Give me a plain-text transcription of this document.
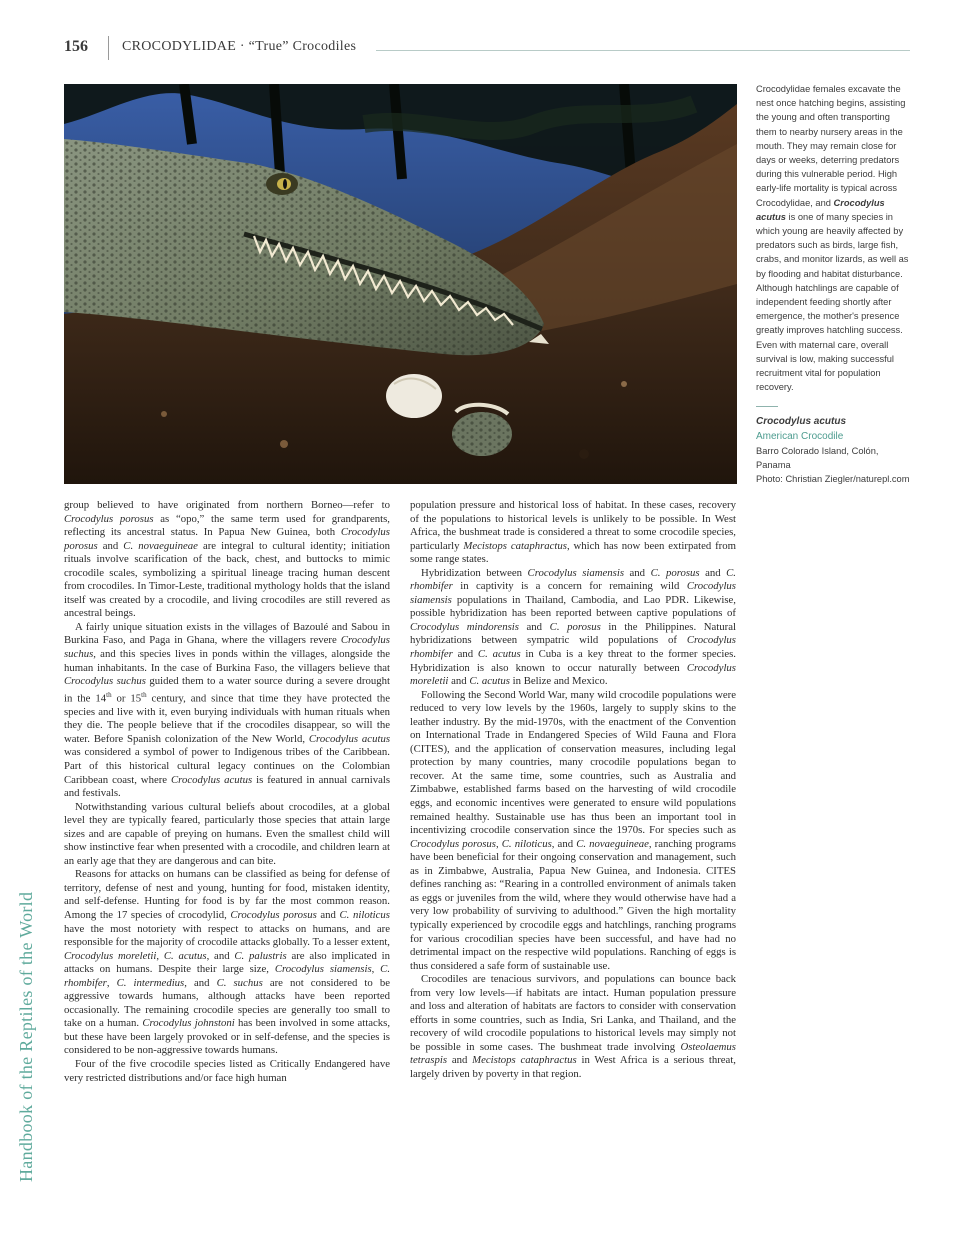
156 CROCODYLIDAE · “True” Crocodiles

Crocodylidae females excavate the nest once hatching begins, assisting the young and often transporting them to nearby nursery areas in the mouth. They may remain close for days or weeks, deterring predators during this vulnerable period. High early-life mortality is typical across Crocodylidae, and Crocodylus acutus is one of many species in which young are heavily affected by predators such as birds, large fish, crabs, and monitor lizards, as well as by flooding and habitat disturbance. Although hatchlings are capable of independent feeding shortly after emergence, the mother's presence greatly improves hatchling success. Even with maternal care, overall survival is low, making successful recruitment vital for population recovery.

Crocodylus acutus
American Crocodile
Barro Colorado Island, Colón, Panama
Photo: Christian Ziegler/naturepl.com

group believed to have originated from northern Borneo—refer to Crocodylus porosus as “opo,” the same term used for grandparents, reflecting its ancestral status. In Papua New Guinea, both Crocodylus porosus and C. novaeguineae are integral to cultural identity; initiation rituals involve scarification of the back, chest, and buttocks to mimic crocodile scales, symbolizing a spiritual lineage tracing human descent from crocodiles. In Timor-Leste, traditional mythology holds that the island itself was created by a crocodile, and living crocodiles are still revered as ancestral beings.

A fairly unique situation exists in the villages of Bazoulé and Sabou in Burkina Faso, and Paga in Ghana, where the villagers revere Crocodylus suchus, and this species lives in ponds within the villages, alongside the human inhabitants. In the case of Burkina Faso, the villagers believe that Crocodylus suchus guided them to a water source during a severe drought in the 14th or 15th century, and since that time they have protected the species and live with it, even burying individuals with human rituals when they die. The people believe that if the crocodiles disappear, so will the water. Before Spanish colonization of the New World, Crocodylus acutus was considered a symbol of power to Indigenous tribes of the Caribbean. Part of this historical cultural legacy continues on the Colombian Caribbean coast, where Crocodylus acutus is featured in annual carnivals and festivals.

Notwithstanding various cultural beliefs about crocodiles, at a global level they are typically feared, particularly those species that attain large sizes and are capable of preying on humans. Even the smallest child will show instinctive fear when presented with a crocodile, and children learn at an early age that they are dangerous and can bite.

Reasons for attacks on humans can be classified as being for defense of territory, defense of nest and young, hunting for food, mistaken identity, and self-defense. Hunting for food is by far the most common reason. Among the 17 species of crocodylid, Crocodylus porosus and C. niloticus have the most notoriety with respect to attacks on humans, and are responsible for the majority of crocodile attacks globally. To a lesser extent, Crocodylus moreletii, C. acutus, and C. palustris are also implicated in attacks on humans. Despite their large size, Crocodylus siamensis, C. rhombifer, C. intermedius, and C. suchus are not considered to be aggressive towards humans, although attacks have been reported occasionally. The remaining crocodile species are generally too small to take on a human. Crocodylus johnstoni has been involved in some attacks, but these have been largely provoked or in self-defense, and the species is considered to be non-aggressive towards humans.

Four of the five crocodile species listed as Critically Endangered have very restricted distributions and/or face high human

population pressure and historical loss of habitat. In these cases, recovery of the populations to historical levels is unlikely to be possible. In West Africa, the bushmeat trade is considered a threat to some crocodile species, particularly Mecistops cataphractus, which has now been extirpated from some range states.

Hybridization between Crocodylus siamensis and C. porosus and C. rhombifer in captivity is a concern for remaining wild Crocodylus siamensis populations in Thailand, Cambodia, and Lao PDR. Likewise, possible hybridization has been reported between captive populations of Crocodylus mindorensis and C. porosus in the Philippines. Natural hybridizations between sympatric wild populations of Crocodylus rhombifer and C. acutus in Cuba is a key threat to the former species. Hybridization is also known to occur naturally between Crocodylus moreletii and C. acutus in Belize and Mexico.

Following the Second World War, many wild crocodile populations were reduced to very low levels by the 1960s, largely to supply skins to the leather industry. By the mid-1970s, with the enactment of the Convention on International Trade in Endangered Species of Wild Fauna and Flora (CITES), and the application of conservation measures, including legal protection by many countries, many crocodile populations began to recover. At the same time, some countries, such as Australia and Zimbabwe, established farms based on the harvesting of wild crocodile eggs, and economic incentives were generated to ensure wild populations remained healthy. Sustainable use has thus been an important tool in incentivizing crocodile conservation since the 1970s. For species such as Crocodylus porosus, C. niloticus, and C. novaeguineae, ranching programs have been beneficial for their ongoing conservation and management, such as in Zimbabwe, Australia, Papua New Guinea, and Indonesia. CITES defines ranching as: “Rearing in a controlled environment of animals taken as eggs or juveniles from the wild, where they would otherwise have had a very low probability of surviving to adulthood.” Given the high mortality typically experienced by crocodile eggs and hatchlings, ranching programs for various crocodilian species have been successful, and have had no detrimental impact on the respective wild populations. Ranching of eggs is thus considered a safe form of sustainable use.

Crocodiles are tenacious survivors, and populations can bounce back from very low levels—if habitats are intact. Human population pressure and loss and alteration of habitats are factors to consider with conservation efforts in some countries, such as India, Sri Lanka, and Thailand, and the recovery of wild crocodile populations to historical levels may simply not be possible in some cases. The bushmeat trade involving Osteolaemus tetraspis and Mecistops cataphractus in West Africa is a serious threat, largely driven by poverty in that region.

Handbook of the Reptiles of the World
